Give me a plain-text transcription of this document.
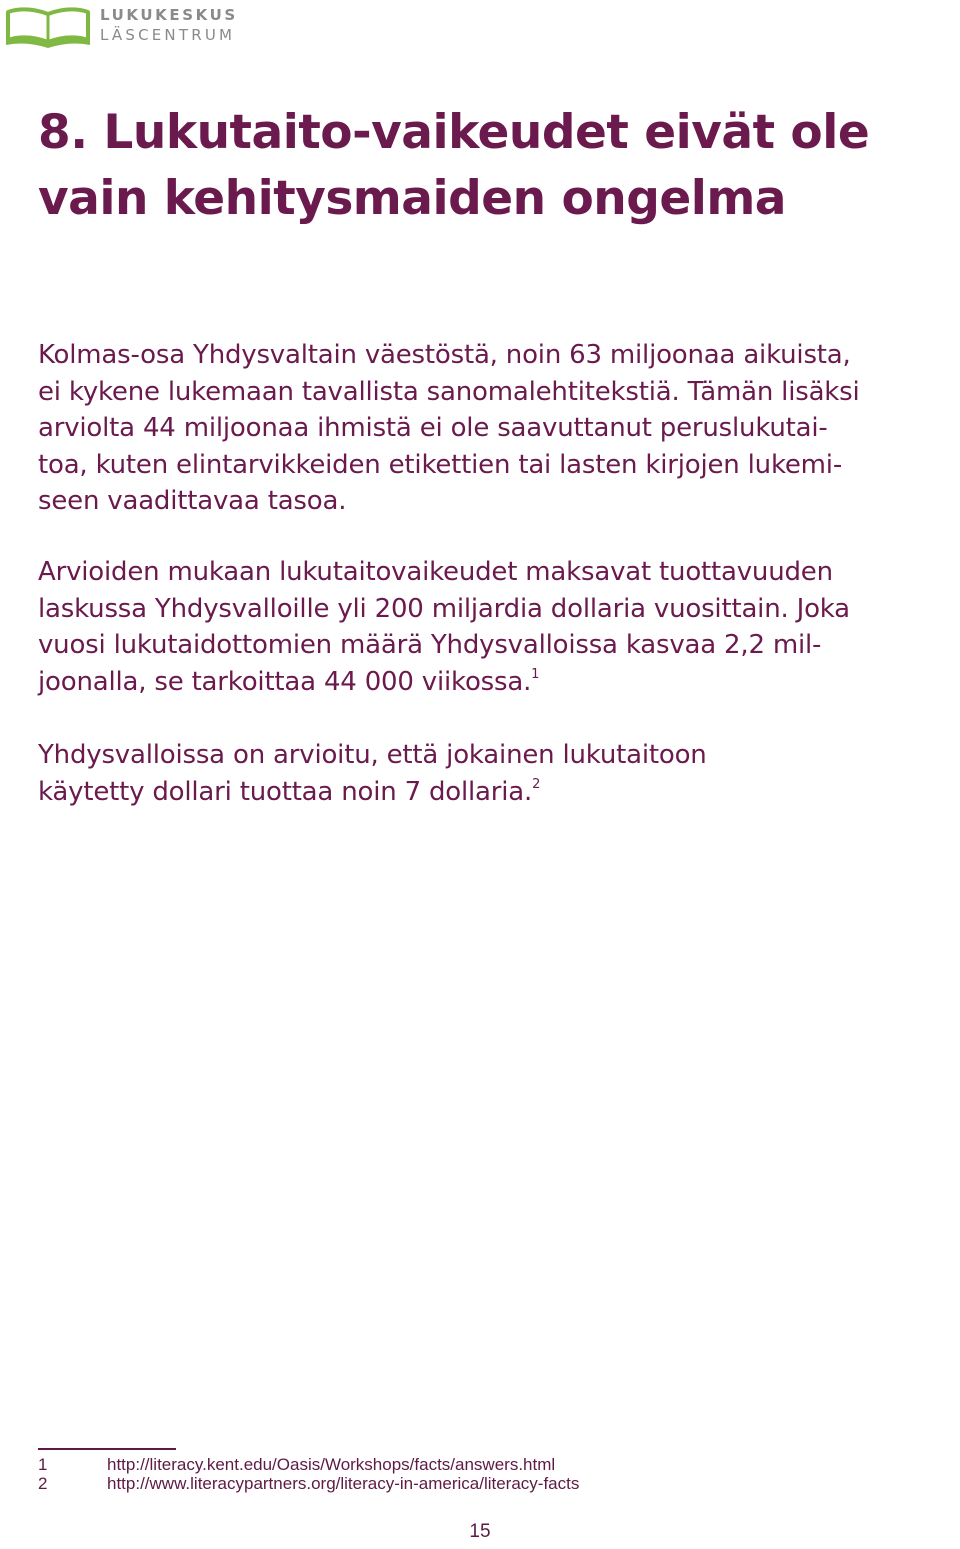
LUKUKESKUS
LÄSCENTRUM
8. Lukutaito-vaikeudet eivät ole
vain kehitysmaiden ongelma
Kolmas-osa Yhdysvaltain väestöstä, noin 63 miljoonaa aikuista,
ei kykene lukemaan tavallista sanomalehtitekstiä. Tämän lisäksi
arviolta 44 miljoonaa ihmistä ei ole saavuttanut peruslukutai-
toa, kuten elintarvikkeiden etikettien tai lasten kirjojen lukemi-
seen vaadittavaa tasoa.
Arvioiden mukaan lukutaitovaikeudet maksavat tuottavuuden
laskussa Yhdysvalloille yli 200 miljardia dollaria vuosittain. Joka
vuosi lukutaidottomien määrä Yhdysvalloissa kasvaa 2,2 mil-
joonalla, se tarkoittaa 44 000 viikossa.$^1$
Yhdysvalloissa on arvioitu, että jokainen lukutaitoon
käytetty dollari tuottaa noin 7 dollaria.$^2$
1	http://literacy.kent.edu/Oasis/Workshops/facts/answers.html
2	http://www.literacypartners.org/literacy-in-america/literacy-facts
15
